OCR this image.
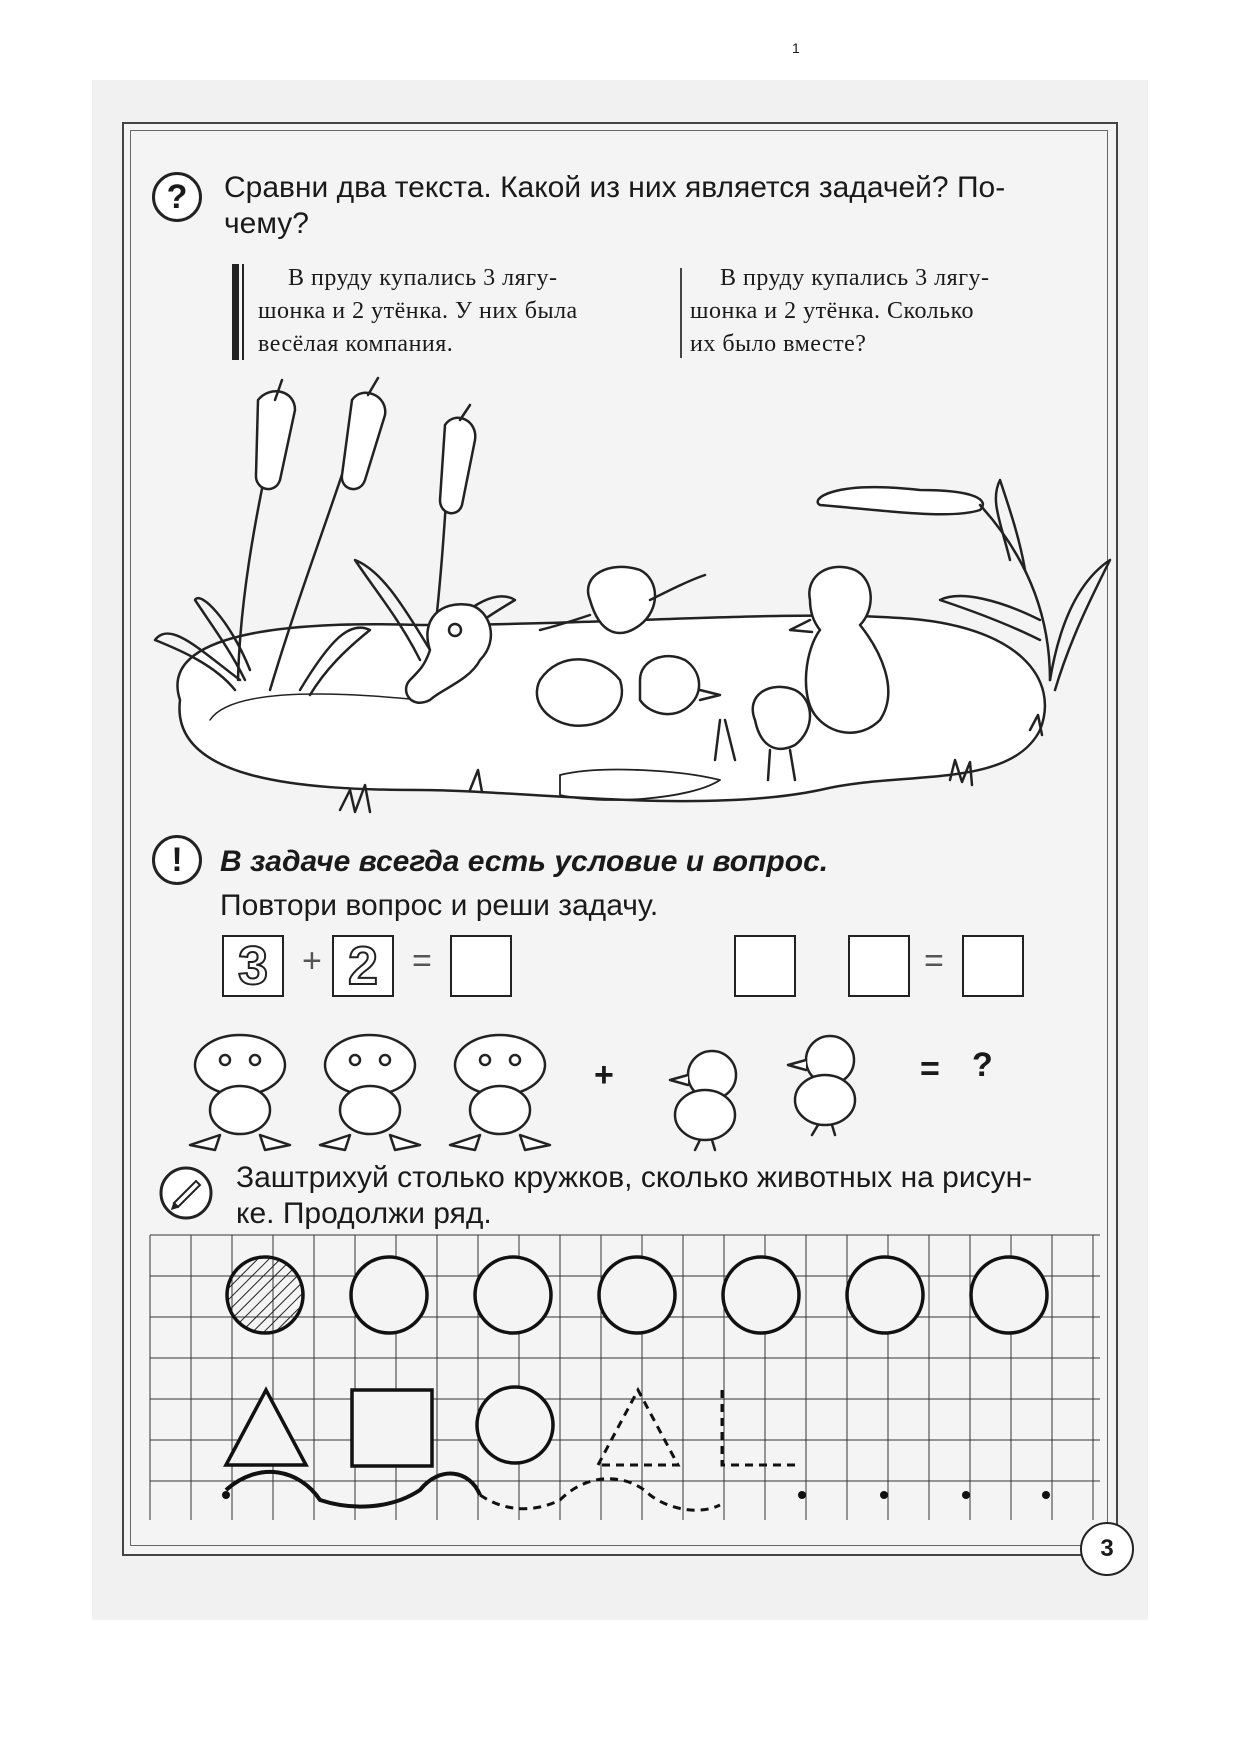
1
? Сравни два текста. Какой из них является задачей? По-
чему?
В пруду купались 3 лягу-
шонка и 2 утёнка. У них была
весёлая компания.
В пруду купались 3 лягу-
шонка и 2 утёнка. Сколько
их было вместе?
! В задаче всегда есть условие и вопрос.
Повтори вопрос и реши задачу.
3 + 2 =	=
+	= ?
Заштрихуй столько кружков, сколько животных на рисун-
ке. Продолжи ряд.
3
